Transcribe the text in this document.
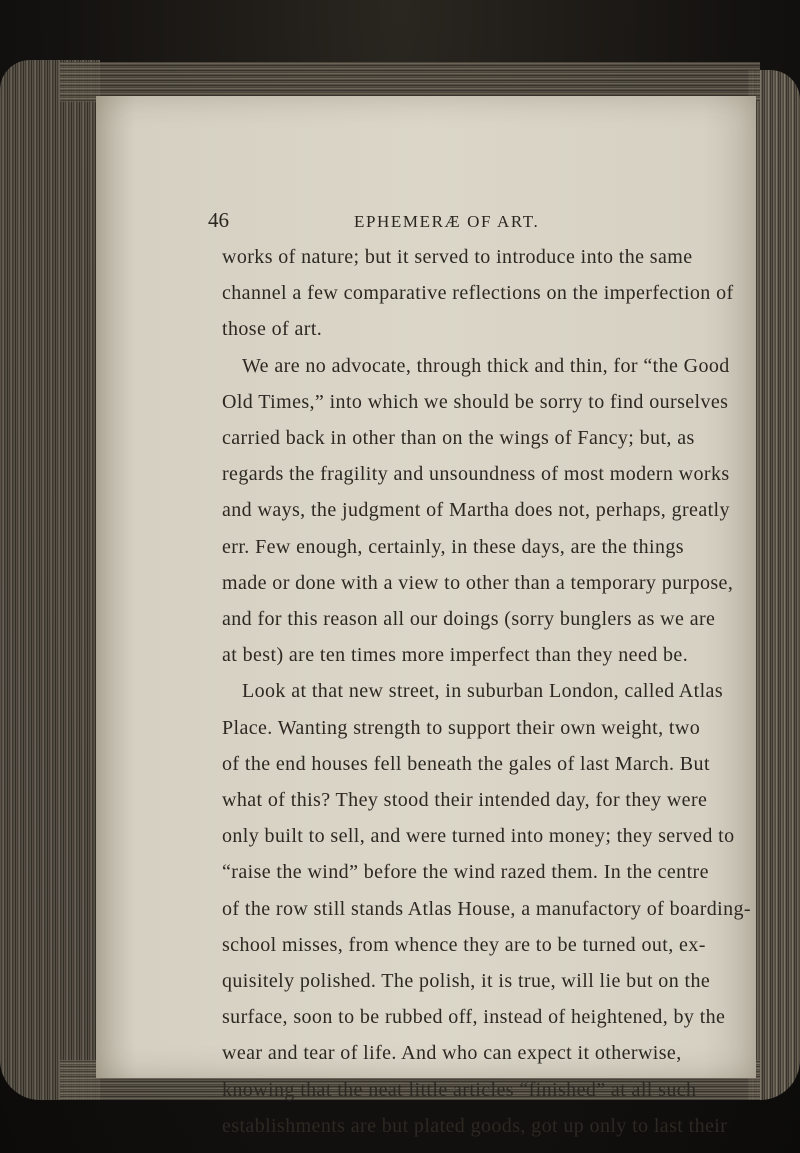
46	EPHEMERÆ OF ART.
works of nature; but it served to introduce into the same
channel a few comparative reflections on the imperfection of
those of art.
We are no advocate, through thick and thin, for “the Good
Old Times,” into which we should be sorry to find ourselves
carried back in other than on the wings of Fancy; but, as
regards the fragility and unsoundness of most modern works
and ways, the judgment of Martha does not, perhaps, greatly
err. Few enough, certainly, in these days, are the things
made or done with a view to other than a temporary purpose,
and for this reason all our doings (sorry bunglers as we are
at best) are ten times more imperfect than they need be.
Look at that new street, in suburban London, called Atlas
Place. Wanting strength to support their own weight, two
of the end houses fell beneath the gales of last March. But
what of this? They stood their intended day, for they were
only built to sell, and were turned into money; they served to
“raise the wind” before the wind razed them. In the centre
of the row still stands Atlas House, a manufactory of boarding-
school misses, from whence they are to be turned out, ex-
quisitely polished. The polish, it is true, will lie but on the
surface, soon to be rubbed off, instead of heightened, by the
wear and tear of life. And who can expect it otherwise,
knowing that the neat little articles “finished” at all such
establishments are but plated goods, got up only to last their
